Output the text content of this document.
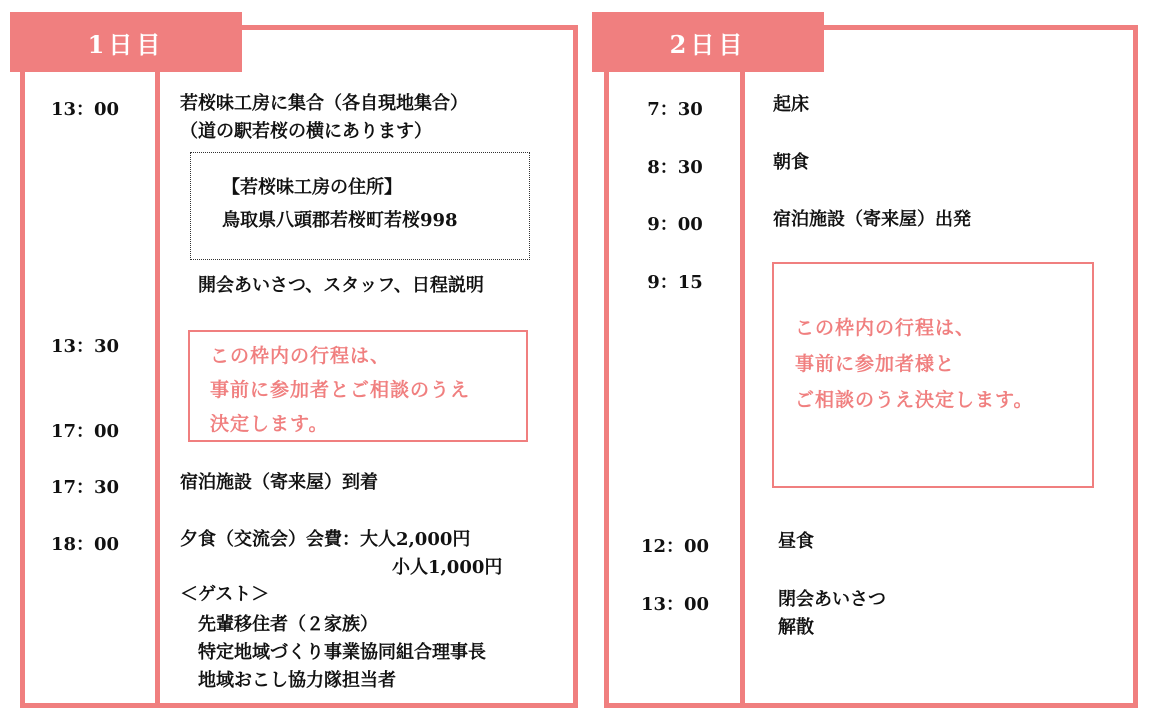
1日目
13：00
13：30
17：00
17：30
18：00
若桜味工房に集合（各自現地集合）
（道の駅若桜の横にあります）
【若桜味工房の住所】
鳥取県八頭郡若桜町若桜998
開会あいさつ、スタッフ、日程説明
この枠内の行程は、
事前に参加者とご相談のうえ
決定します。
宿泊施設（寄来屋）到着
夕食（交流会）会費：大人2,000円
小人1,000円
＜ゲスト＞
先輩移住者（２家族）
特定地域づくり事業協同組合理事長
地域おこし協力隊担当者
2日目
7：30
8：30
9：00
9：15
12：00
13：00
起床
朝食
宿泊施設（寄来屋）出発
この枠内の行程は、
事前に参加者様と
ご相談のうえ決定します。
昼食
閉会あいさつ
解散
